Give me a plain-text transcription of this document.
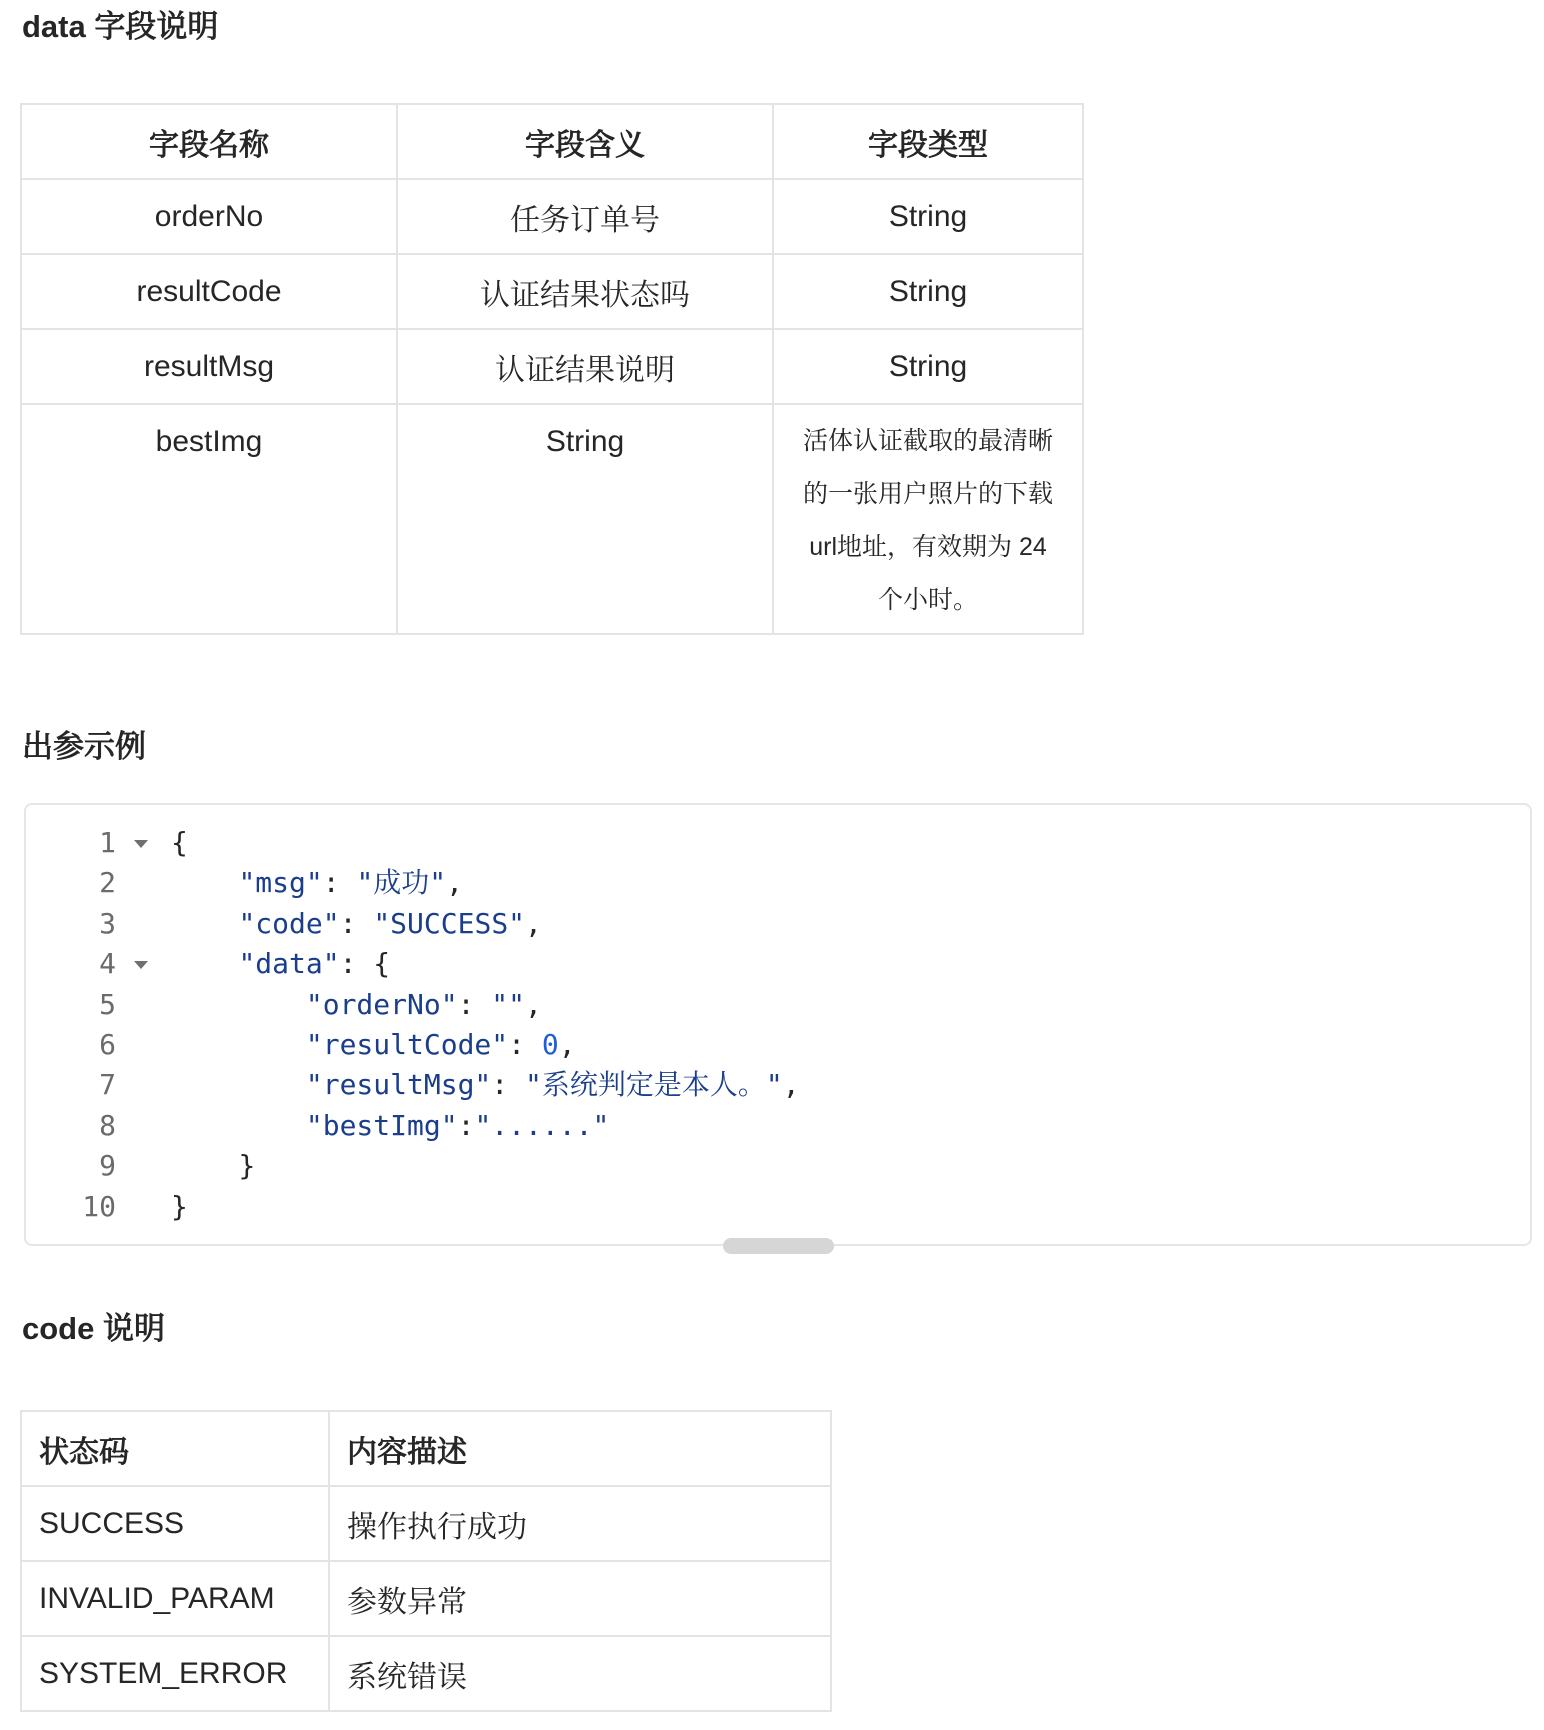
data 字段说明
字段名称	字段含义	字段类型
orderNo	任务订单号	String
resultCode	认证结果状态吗	String
resultMsg	认证结果说明	String
bestImg	String	活体认证截取的最清晰的一张用户照片的下载url地址，有效期为 24 个小时。
出参示例
1 {
2	"msg": "成功",
3	"code": "SUCCESS",
4	"data": {
5	"orderNo": "",
6	"resultCode": 0,
7	"resultMsg": "系统判定是本人。",
8	"bestImg":"......"
9	}
10 }
code 说明
状态码	内容描述
SUCCESS	操作执行成功
INVALID_PARAM	参数异常
SYSTEM_ERROR	系统错误
